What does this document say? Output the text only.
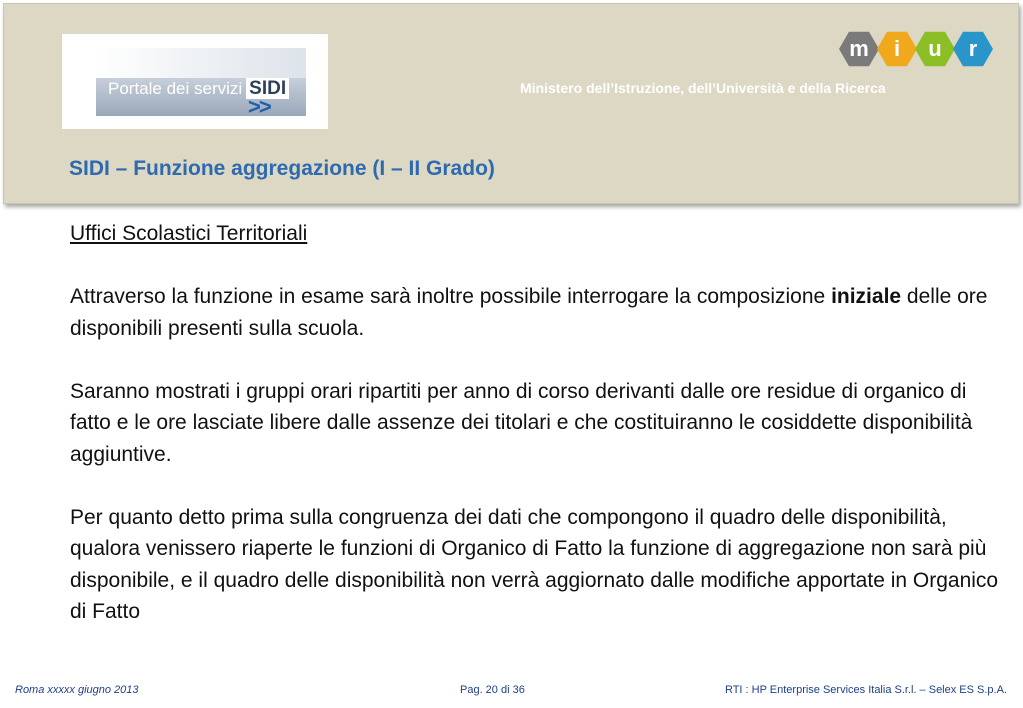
Portale dei servizi SIDI
>>
m i u r
Ministero dell’Istruzione, dell’Università e della Ricerca
SIDI – Funzione aggregazione (I – II Grado)

Uffici Scolastici Territoriali

Attraverso la funzione in esame sarà inoltre possibile interrogare la composizione iniziale delle ore disponibili presenti sulla scuola.

Saranno mostrati i gruppi orari ripartiti per anno di corso derivanti dalle ore residue di organico di fatto e le ore lasciate libere dalle assenze dei titolari e che costituiranno le cosiddette disponibilità aggiuntive.

Per quanto detto prima sulla congruenza dei dati che compongono il quadro delle disponibilità, qualora venissero riaperte le funzioni di Organico di Fatto la funzione di aggregazione non sarà più disponibile, e il quadro delle disponibilità non verrà aggiornato dalle modifiche apportate in Organico di Fatto

Roma xxxxx giugno 2013	Pag. 20 di 36	RTI : HP Enterprise Services Italia S.r.l. – Selex ES S.p.A.
